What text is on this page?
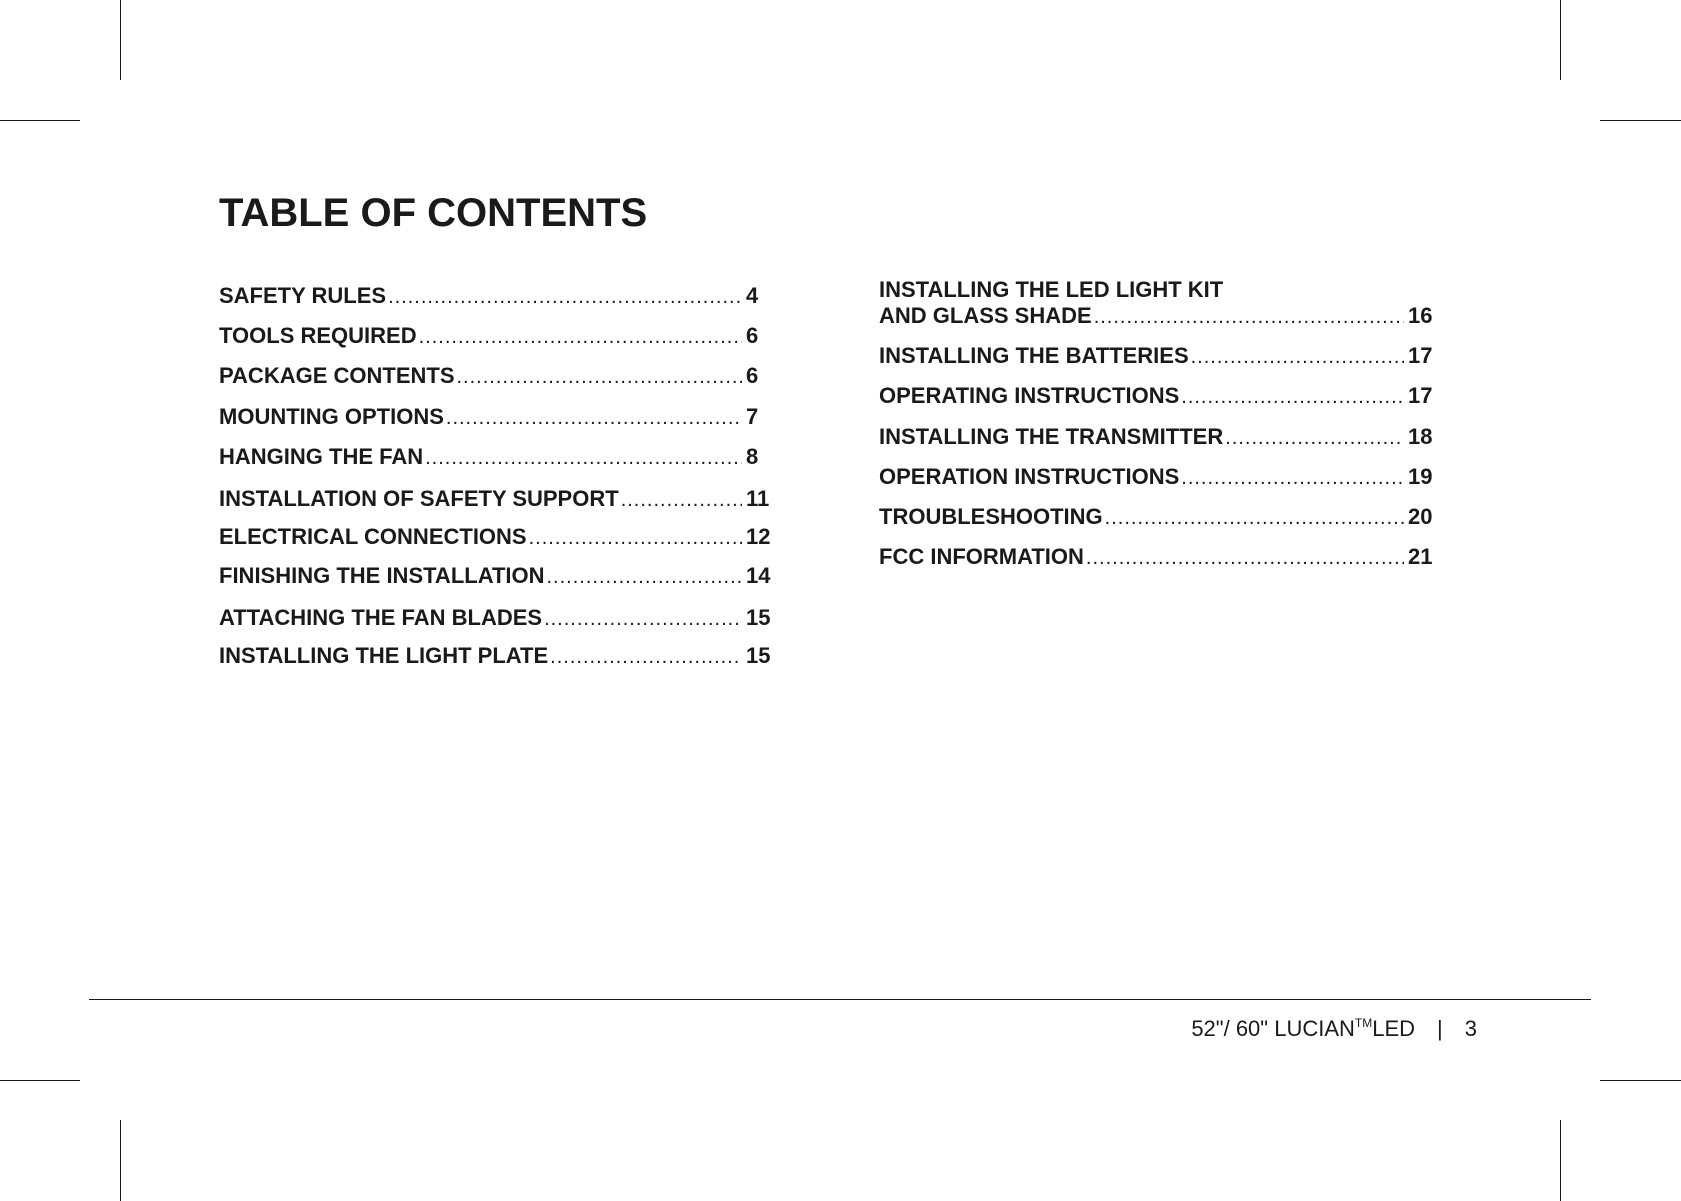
TABLE OF CONTENTS
SAFETY RULES .....	4
TOOLS REQUIRED .....	6
PACKAGE CONTENTS .....	6
MOUNTING OPTIONS .....	7
HANGING THE FAN .....	8
INSTALLATION OF SAFETY SUPPORT .....	11
ELECTRICAL CONNECTIONS .....	12
FINISHING THE INSTALLATION .....	14
ATTACHING THE FAN BLADES .....	15
INSTALLING THE LIGHT PLATE .....	15
INSTALLING THE LED LIGHT KIT
AND GLASS SHADE .....	16
INSTALLING THE BATTERIES .....	17
OPERATING INSTRUCTIONS .....	17
INSTALLING THE TRANSMITTER .....	18
OPERATION INSTRUCTIONS .....	19
TROUBLESHOOTING .....	20
FCC INFORMATION .....	21
52"/ 60" LUCIAN TM LED | 3
